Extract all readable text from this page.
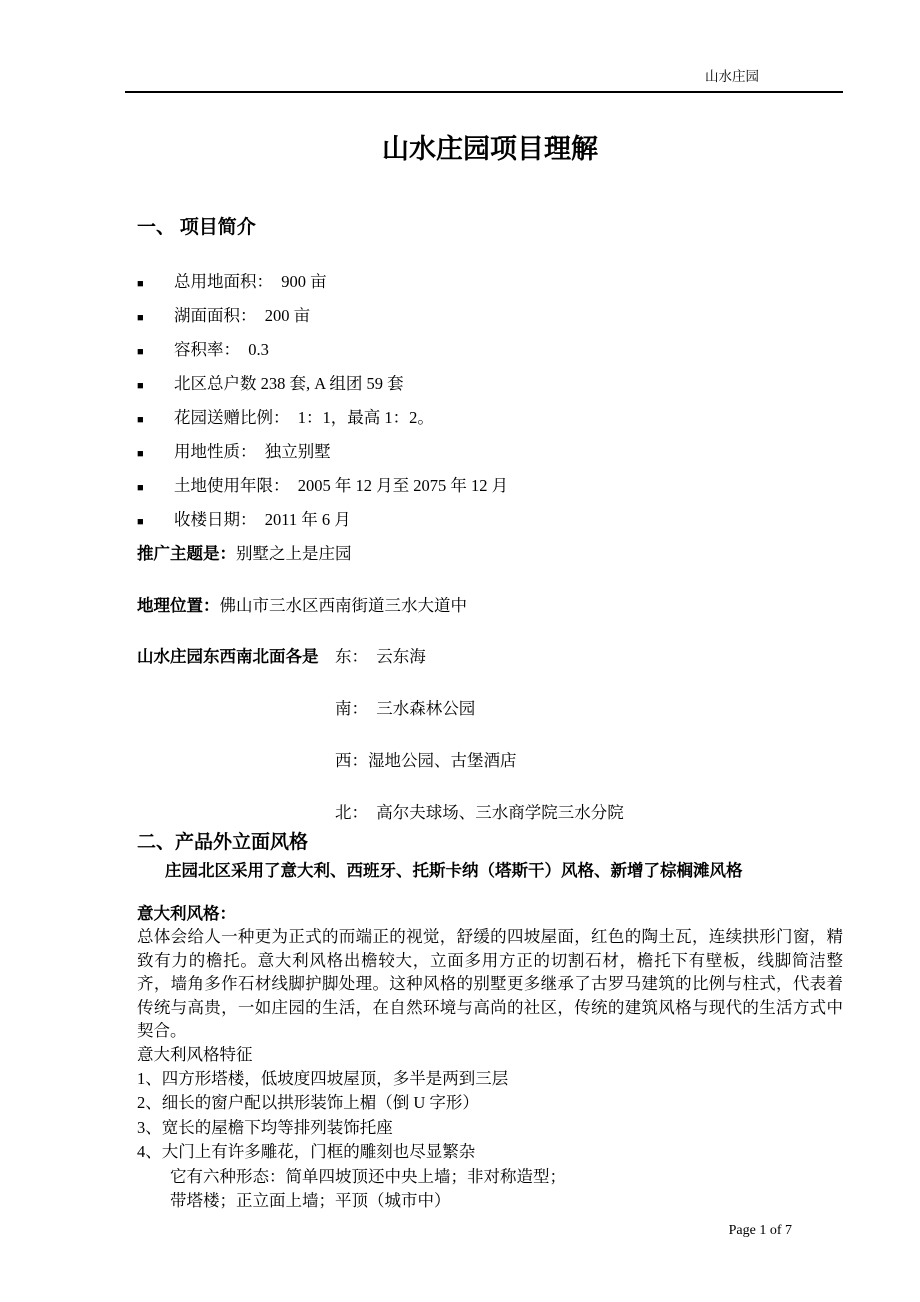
山水庄园
山水庄园项目理解
一、 项目简介
■	总用地面积：  900 亩
■	湖面面积：  200 亩
■	容积率：  0.3
■	北区总户数 238 套, A 组团 59 套
■	花园送赠比例：  1：1，最高 1：2。
■	用地性质：  独立别墅
■	土地使用年限：  2005 年 12 月至 2075 年 12 月
■	收楼日期：  2011 年 6 月
推广主题是：别墅之上是庄园
地理位置：佛山市三水区西南街道三水大道中
山水庄园东西南北面各是 东：  云东海
南：  三水森林公园
西：湿地公园、古堡酒店
北：  高尔夫球场、三水商学院三水分院
二、产品外立面风格
庄园北区采用了意大利、西班牙、托斯卡纳（塔斯干）风格、新增了棕榈滩风格
意大利风格：
总体会给人一种更为正式的而端正的视觉，舒缓的四坡屋面，红色的陶土瓦，连续拱形门窗，精致有力的檐托。意大利风格出檐较大，立面多用方正的切割石材，檐托下有壁板，线脚简洁整齐，墙角多作石材线脚护脚处理。这种风格的别墅更多继承了古罗马建筑的比例与柱式，代表着传统与高贵，一如庄园的生活，在自然环境与高尚的社区，传统的建筑风格与现代的生活方式中契合。
意大利风格特征
1、四方形塔楼，低坡度四坡屋顶，多半是两到三层
2、细长的窗户配以拱形装饰上楣（倒 U 字形）
3、宽长的屋檐下均等排列装饰托座
4、大门上有许多雕花，门框的雕刻也尽显繁杂
它有六种形态：简单四坡顶还中央上墙；非对称造型；
带塔楼；正立面上墙；平顶（城市中）
Page 1 of 7
